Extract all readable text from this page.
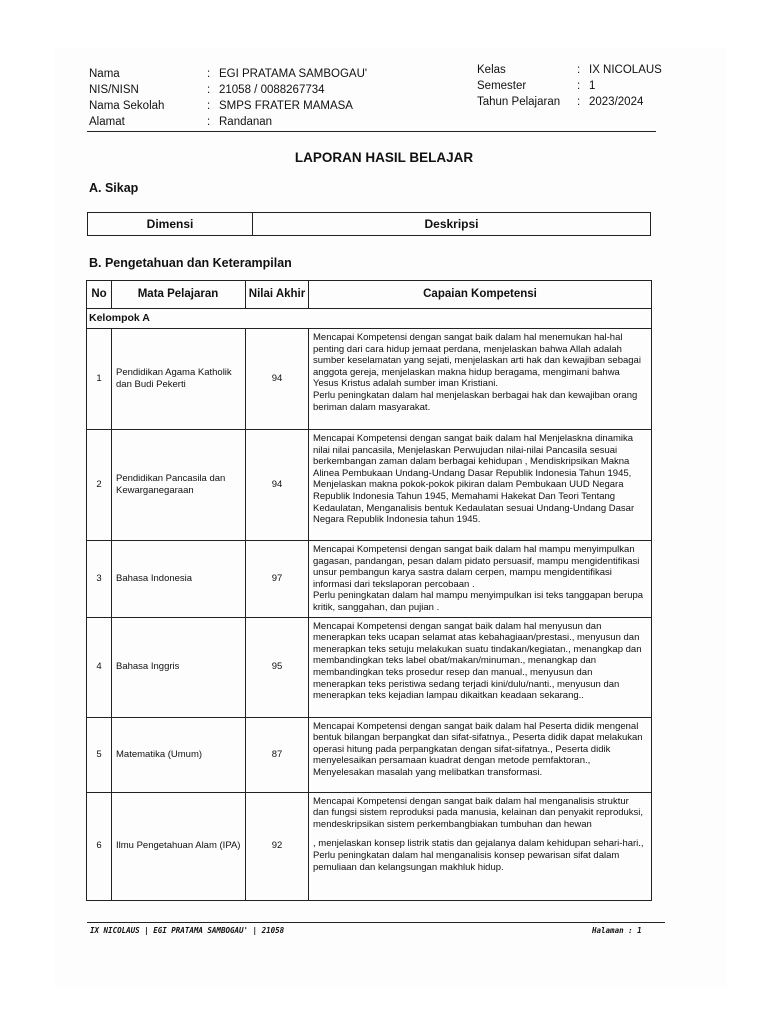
Nama	: EGI PRATAMA SAMBOGAU'
NIS/NISN	: 21058 / 0088267734
Nama Sekolah	: SMPS FRATER MAMASA
Alamat	: Randanan
Kelas	: IX NICOLAUS
Semester	: 1
Tahun Pelajaran	: 2023/2024
LAPORAN HASIL BELAJAR
A. Sikap
Dimensi	Deskripsi
B. Pengetahuan dan Keterampilan
No	Mata Pelajaran	Nilai Akhir	Capaian Kompetensi
Kelompok A			
1	Pendidikan Agama Katholik dan Budi Pekerti	94	Mencapai Kompetensi dengan sangat baik dalam hal menemukan hal-hal penting dari cara hidup jemaat perdana, menjelaskan bahwa Allah adalah sumber keselamatan yang sejati, menjelaskan arti hak dan kewajiban sebagai anggota gereja, menjelaskan makna hidup beragama, mengimani bahwa Yesus Kristus adalah sumber iman Kristiani.
Perlu peningkatan dalam hal menjelaskan berbagai hak dan kewajiban orang beriman dalam masyarakat.

2	Pendidikan Pancasila dan Kewarganegaraan	94	Mencapai Kompetensi dengan sangat baik dalam hal Menjelaskna dinamika nilai nilai pancasila, Menjelaskan Perwujudan nilai-nilai Pancasila sesuai berkembangan zaman dalam berbagai kehidupan , Mendiskripsikan Makna Alinea Pembukaan Undang-Undang Dasar Republik Indonesia Tahun 1945, Menjelaskan makna pokok-pokok pikiran dalam Pembukaan UUD Negara Republik Indonesia Tahun 1945, Memahami Hakekat Dan Teori Tentang Kedaulatan, Menganalisis bentuk Kedaulatan sesuai Undang-Undang Dasar Negara Republik Indonesia tahun 1945.

3	Bahasa Indonesia	97	Mencapai Kompetensi dengan sangat baik dalam hal mampu menyimpulkan gagasan, pandangan, pesan dalam pidato persuasif, mampu mengidentifikasi unsur pembangun karya sastra dalam cerpen, mampu mengidentifikasi informasi dari tekslaporan percobaan .
Perlu peningkatan dalam hal mampu menyimpulkan isi teks tanggapan berupa kritik, sanggahan, dan pujian .

4	Bahasa Inggris	95	Mencapai Kompetensi dengan sangat baik dalam hal menyusun dan menerapkan teks ucapan selamat atas kebahagiaan/prestasi., menyusun dan menerapkan teks setuju melakukan suatu tindakan/kegiatan., menangkap dan membandingkan teks label obat/makan/minuman., menangkap dan membandingkan teks prosedur resep dan manual., menyusun dan menerapkan teks peristiwa sedang terjadi kini/dulu/nanti., menyusun dan menerapkan teks kejadian lampau dikaitkan keadaan sekarang..

5	Matematika (Umum)	87	Mencapai Kompetensi dengan sangat baik dalam hal Peserta didik mengenal bentuk bilangan berpangkat dan sifat-sifatnya., Peserta didik dapat melakukan operasi hitung pada perpangkatan dengan sifat-sifatnya., Peserta didik menyelesaikan persamaan kuadrat dengan metode pemfaktoran., Menyelesakan masalah yang melibatkan transformasi.

6	Ilmu Pengetahuan Alam (IPA)	92	Mencapai Kompetensi dengan sangat baik dalam hal menganalisis struktur dan fungsi sistem reproduksi pada manusia, kelainan dan penyakit reproduksi, mendeskripsikan sistem perkembangbiakan tumbuhan dan hewan
, menjelaskan konsep listrik statis dan gejalanya dalam kehidupan sehari-hari.,
Perlu peningkatan dalam hal menganalisis konsep pewarisan sifat dalam pemuliaan dan kelangsungan makhluk hidup.
IX NICOLAUS | EGI PRATAMA SAMBOGAU' | 21058	Halaman : 1
